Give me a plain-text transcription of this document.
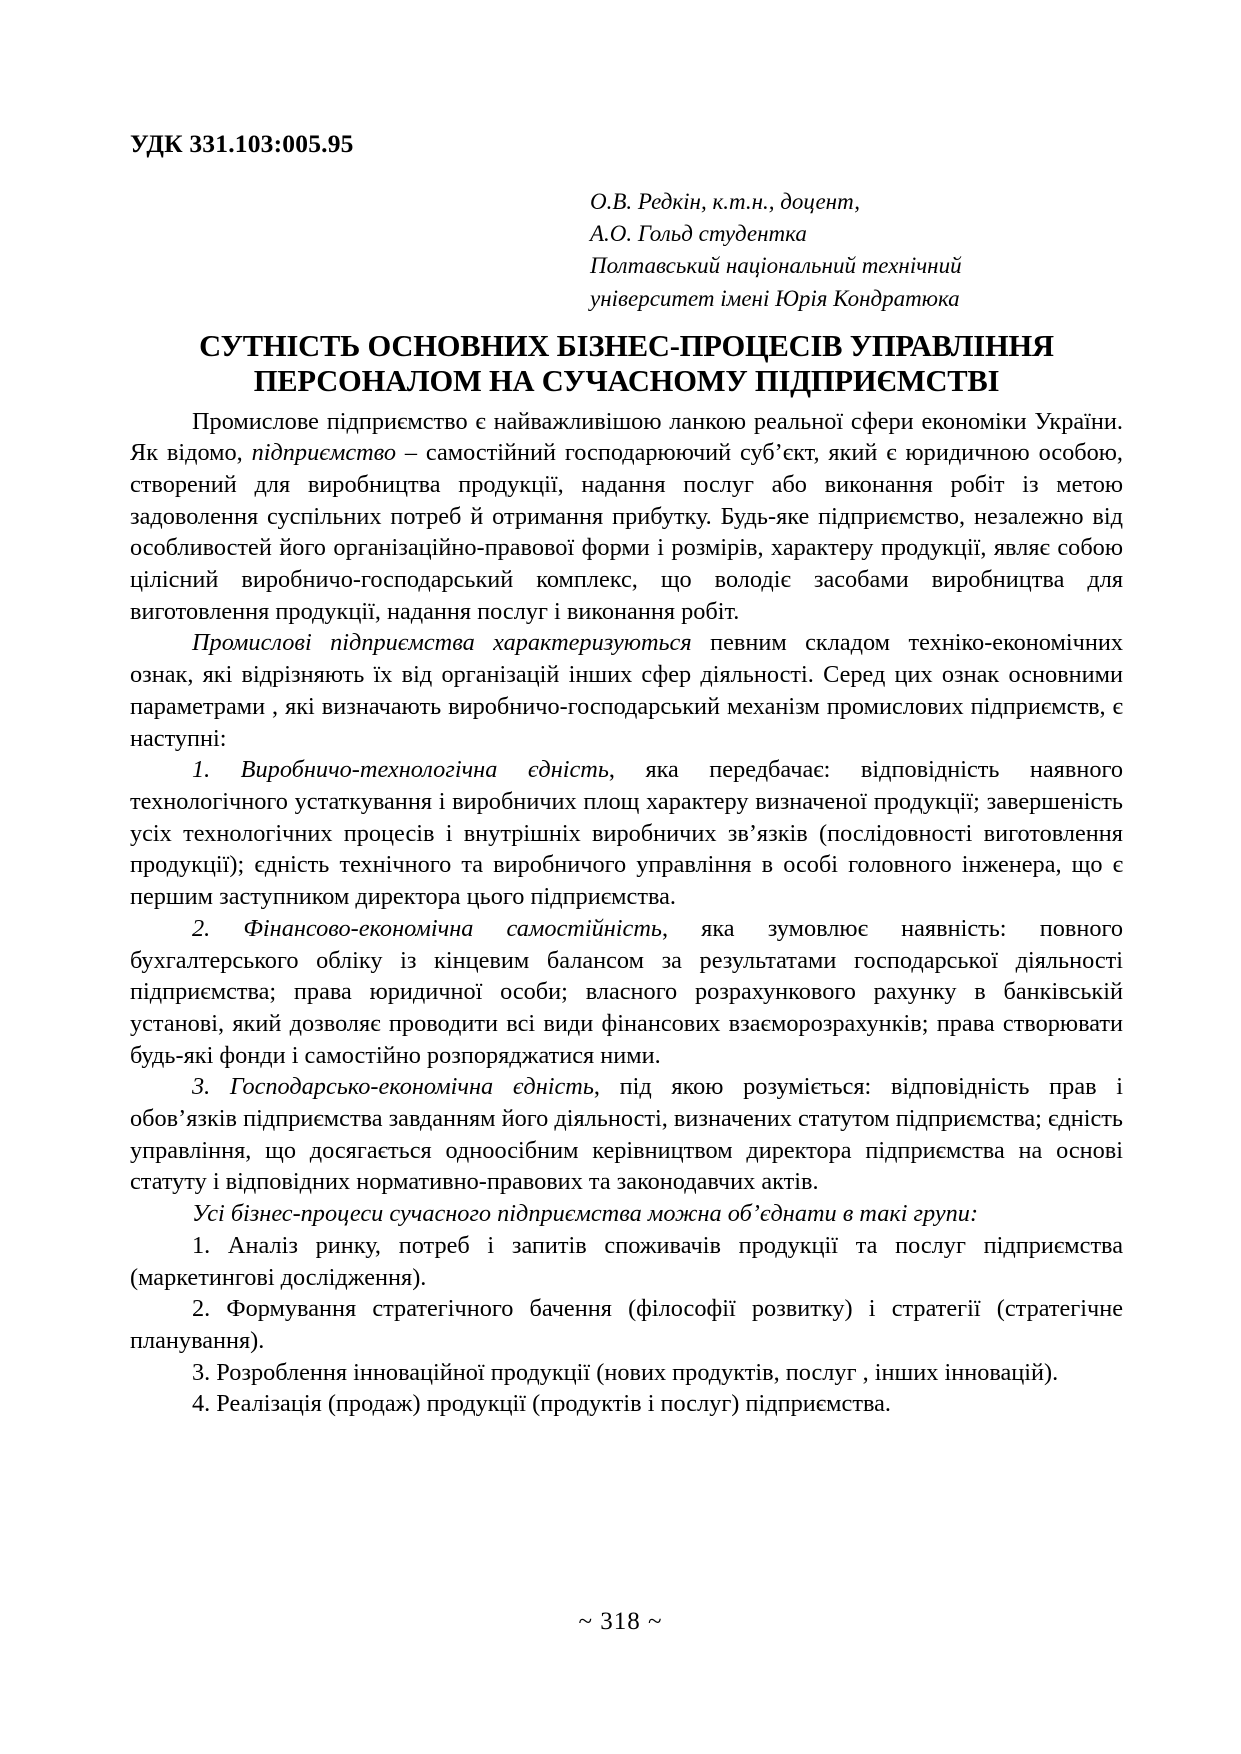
УДК 331.103:005.95
О.В. Редкін, к.т.н., доцент,
А.О. Гольд студентка
Полтавський національний технічний
університет імені Юрія Кондратюка
СУТНІСТЬ ОСНОВНИХ БІЗНЕС-ПРОЦЕСІВ УПРАВЛІННЯ
ПЕРСОНАЛОМ НА СУЧАСНОМУ ПІДПРИЄМСТВІ

Промислове підприємство є найважливішою ланкою реальної сфери економіки України. Як відомо, підприємство – самостійний господарюючий суб’єкт, який є юридичною особою, створений для виробництва продукції, надання послуг або виконання робіт із метою задоволення суспільних потреб й отримання прибутку. Будь-яке підприємство, незалежно від особливостей його організаційно-правової форми і розмірів, характеру продукції, являє собою цілісний виробничо-господарський комплекс, що володіє засобами виробництва для виготовлення продукції, надання послуг і виконання робіт.

Промислові підприємства характеризуються певним складом техніко-економічних ознак, які відрізняють їх від організацій інших сфер діяльності. Серед цих ознак основними параметрами , які визначають виробничо-господарський механізм промислових підприємств, є наступні:

1. Виробничо-технологічна єдність, яка передбачає: відповідність наявного технологічного устаткування і виробничих площ характеру визначеної продукції; завершеність усіх технологічних процесів і внутрішніх виробничих зв’язків (послідовності виготовлення продукції); єдність технічного та виробничого управління в особі головного інженера, що є першим заступником директора цього підприємства.

2. Фінансово-економічна самостійність, яка зумовлює наявність: повного бухгалтерського обліку із кінцевим балансом за результатами господарської діяльності підприємства; права юридичної особи; власного розрахункового рахунку в банківській установі, який дозволяє проводити всі види фінансових взаєморозрахунків; права створювати будь-які фонди і самостійно розпоряджатися ними.

3. Господарсько-економічна єдність, під якою розуміється: відповідність прав і обов’язків підприємства завданням його діяльності, визначених статутом підприємства; єдність управління, що досягається одноосібним керівництвом директора підприємства на основі статуту і відповідних нормативно-правових та законодавчих актів.

Усі бізнес-процеси сучасного підприємства можна об’єднати в такі групи:

1. Аналіз ринку, потреб і запитів споживачів продукції та послуг підприємства (маркетингові дослідження).

2. Формування стратегічного бачення (філософії розвитку) і стратегії (стратегічне планування).

3. Розроблення інноваційної продукції (нових продуктів, послуг , інших інновацій).

4. Реалізація (продаж) продукції (продуктів і послуг) підприємства.

~ 318 ~
